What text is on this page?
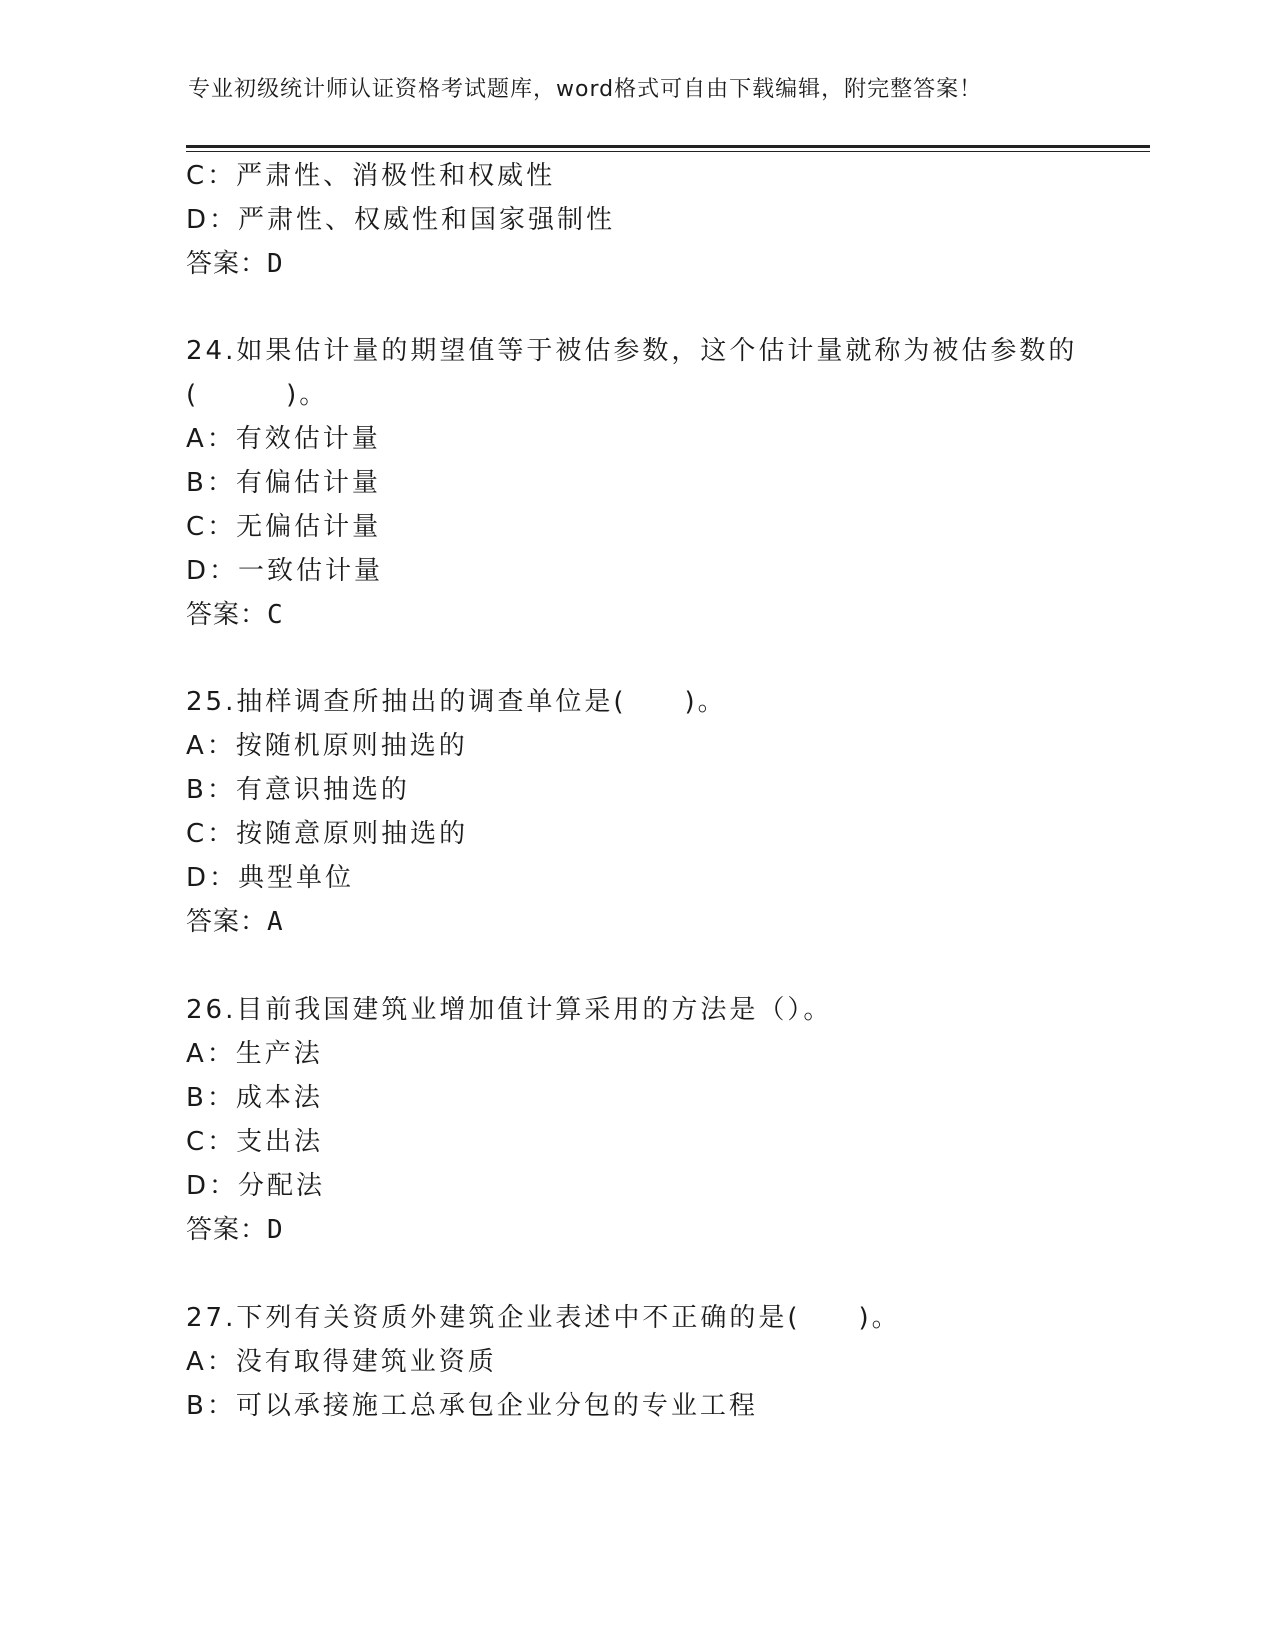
专业初级统计师认证资格考试题库，word格式可自由下载编辑，附完整答案！
C：严肃性、消极性和权威性
D：严肃性、权威性和国家强制性
答案：D
24.如果估计量的期望值等于被估参数，这个估计量就称为被估参数的
(　　　)。
A：有效估计量
B：有偏估计量
C：无偏估计量
D：一致估计量
答案：C
25.抽样调查所抽出的调查单位是(　　)。
A：按随机原则抽选的
B：有意识抽选的
C：按随意原则抽选的
D：典型单位
答案：A
26.目前我国建筑业增加值计算采用的方法是（）。
A：生产法
B：成本法
C：支出法
D：分配法
答案：D
27.下列有关资质外建筑企业表述中不正确的是(　　)。
A：没有取得建筑业资质
B：可以承接施工总承包企业分包的专业工程
